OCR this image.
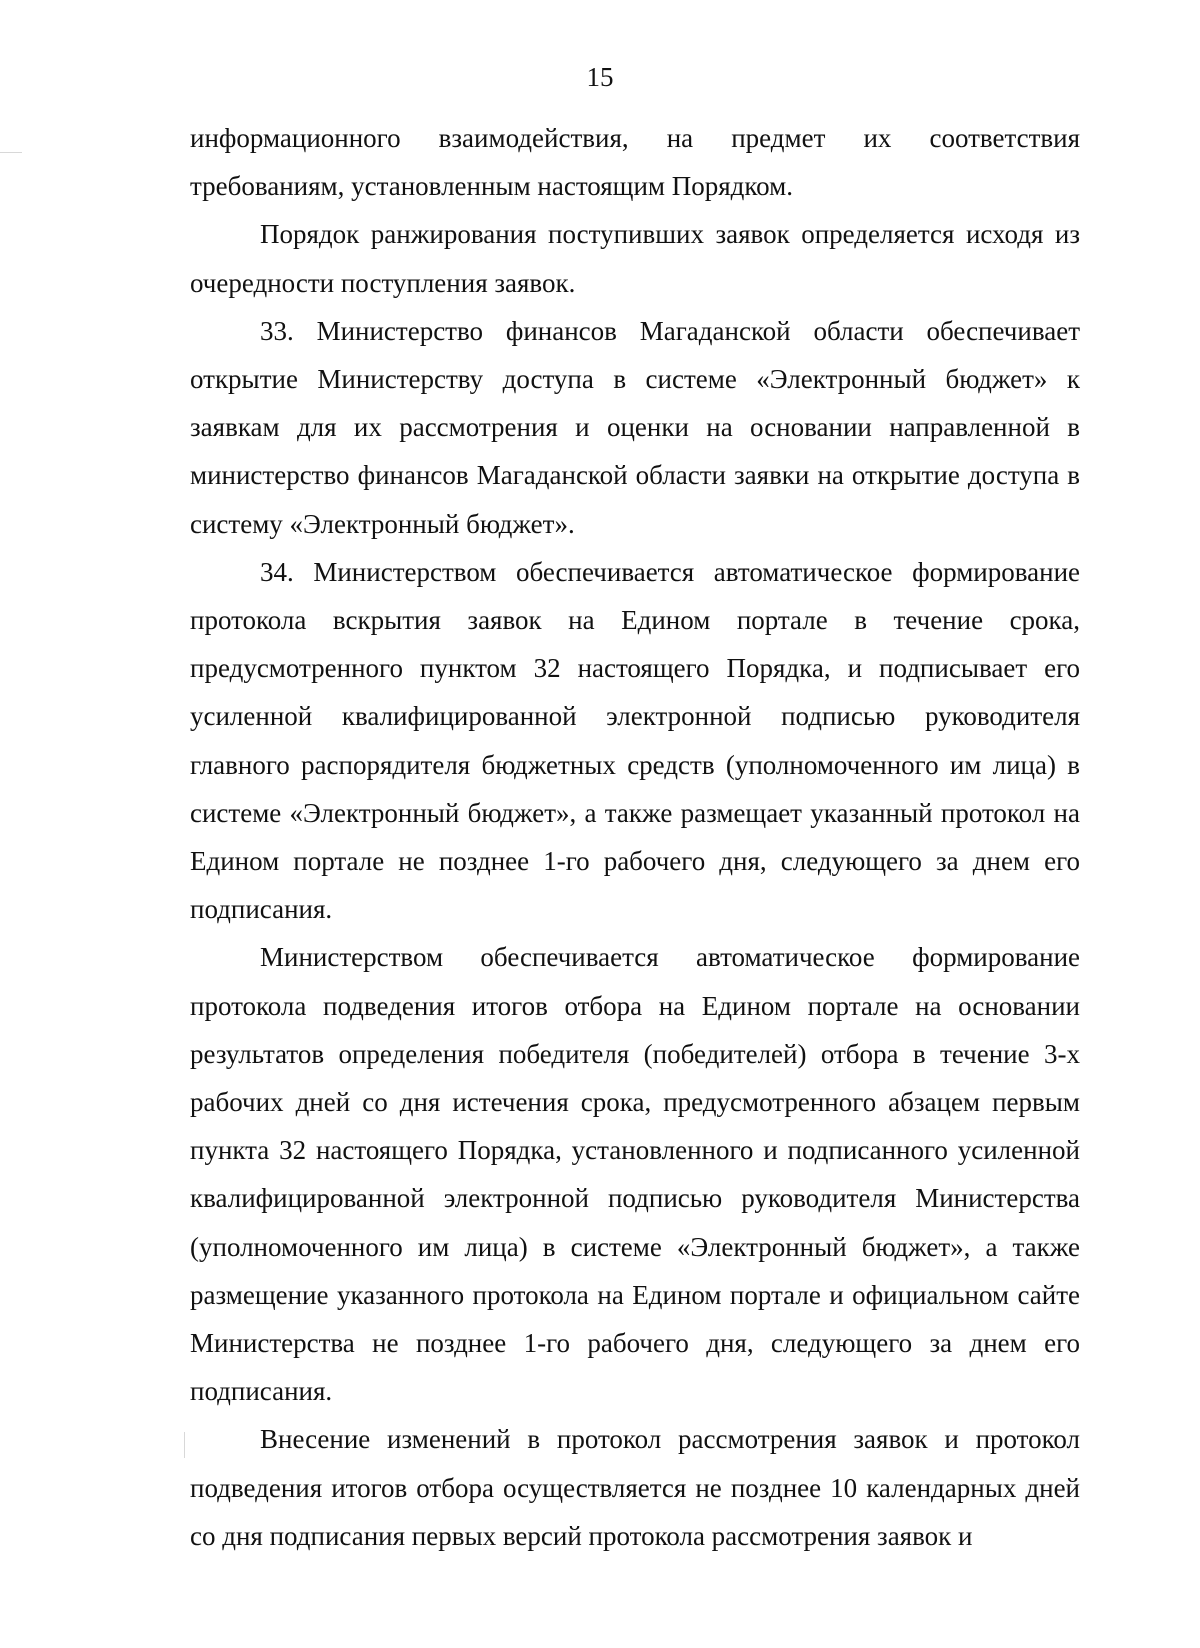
15

информационного взаимодействия, на предмет их соответствия требованиям, установленным настоящим Порядком.

Порядок ранжирования поступивших заявок определяется исходя из очередности поступления заявок.

33. Министерство финансов Магаданской области обеспечивает открытие Министерству доступа в системе «Электронный бюджет» к заявкам для их рассмотрения и оценки на основании направленной в министерство финансов Магаданской области заявки на открытие доступа в систему «Электронный бюджет».

34. Министерством обеспечивается автоматическое формирование протокола вскрытия заявок на Едином портале в течение срока, предусмотренного пунктом 32 настоящего Порядка, и подписывает его усиленной квалифицированной электронной подписью руководителя главного распорядителя бюджетных средств (уполномоченного им лица) в системе «Электронный бюджет», а также размещает указанный протокол на Едином портале не позднее 1-го рабочего дня, следующего за днем его подписания.

Министерством обеспечивается автоматическое формирование протокола подведения итогов отбора на Едином портале на основании результатов определения победителя (победителей) отбора в течение 3-х рабочих дней со дня истечения срока, предусмотренного абзацем первым пункта 32 настоящего Порядка, установленного и подписанного усиленной квалифицированной электронной подписью руководителя Министерства (уполномоченного им лица) в системе «Электронный бюджет», а также размещение указанного протокола на Едином портале и официальном сайте Министерства не позднее 1-го рабочего дня, следующего за днем его подписания.

Внесение изменений в протокол рассмотрения заявок и протокол подведения итогов отбора осуществляется не позднее 10 календарных дней со дня подписания первых версий протокола рассмотрения заявок и
